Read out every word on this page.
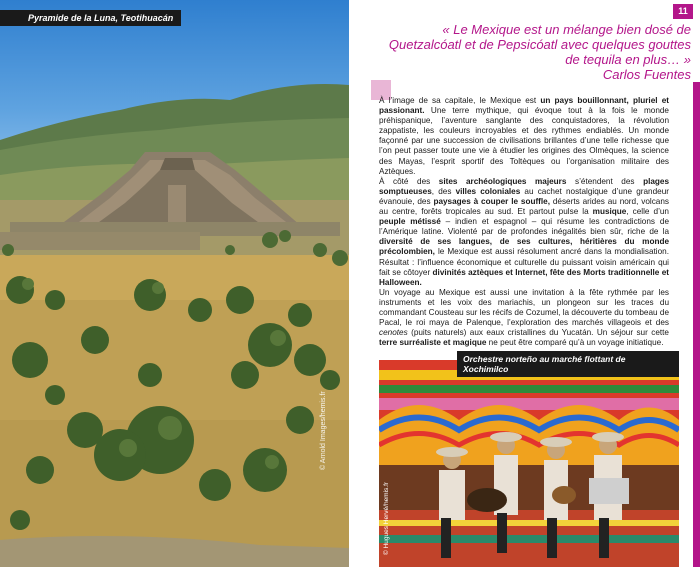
Pyramide de la Luna, Teotihuacán
© Arnold Images/hemis.fr
11
« Le Mexique est un mélange bien dosé de Quetzalcóatl et de Pepsicóatl avec quelques gouttes de tequila en plus… »
Carlos Fuentes

À l’image de sa capitale, le Mexique est un pays bouillonnant, pluriel et passionant. Une terre mythique, qui évoque tout à la fois le monde préhispanique, l’aventure sanglante des conquistadores, la révolution zappatiste, les couleurs incroyables et des rythmes endiablés. Un monde façonné par une succession de civilisations brillantes d’une telle richesse que l’on peut passer toute une vie à étudier les origines des Olmèques, la science des Mayas, l’esprit sportif des Toltèques ou l’organisation militaire des Aztèques.

À côté des sites archéologiques majeurs s’étendent des plages somptueuses, des villes coloniales au cachet nostalgique d’une grandeur évanouie, des paysages à couper le souffle, déserts arides au nord, volcans au centre, forêts tropicales au sud. Et partout pulse la musique, celle d’un peuple métissé – indien et espagnol – qui résume les contradictions de l’Amérique latine. Violenté par de profondes inégalités bien sûr, riche de la diversité de ses langues, de ses cultures, héritières du monde précolombien, le Mexique est aussi résolument ancré dans la mondialisation. Résultat : l’influence économique et culturelle du puissant voisin américain qui fait se côtoyer divinités aztèques et Internet, fête des Morts traditionnelle et Halloween.

Un voyage au Mexique est aussi une invitation à la fête rythmée par les instruments et les voix des mariachis, un plongeon sur les traces du commandant Cousteau sur les récifs de Cozumel, la découverte du tombeau de Pacal, le roi maya de Palenque, l’exploration des marchés villageois et des cenotes (puits naturels) aux eaux cristallines du Yucatán. Un séjour sur cette terre surréaliste et magique ne peut être comparé qu’à un voyage initiatique.

Orchestre norteño au marché flottant de Xochimilco
© Hugues Hervé/hemis.fr
